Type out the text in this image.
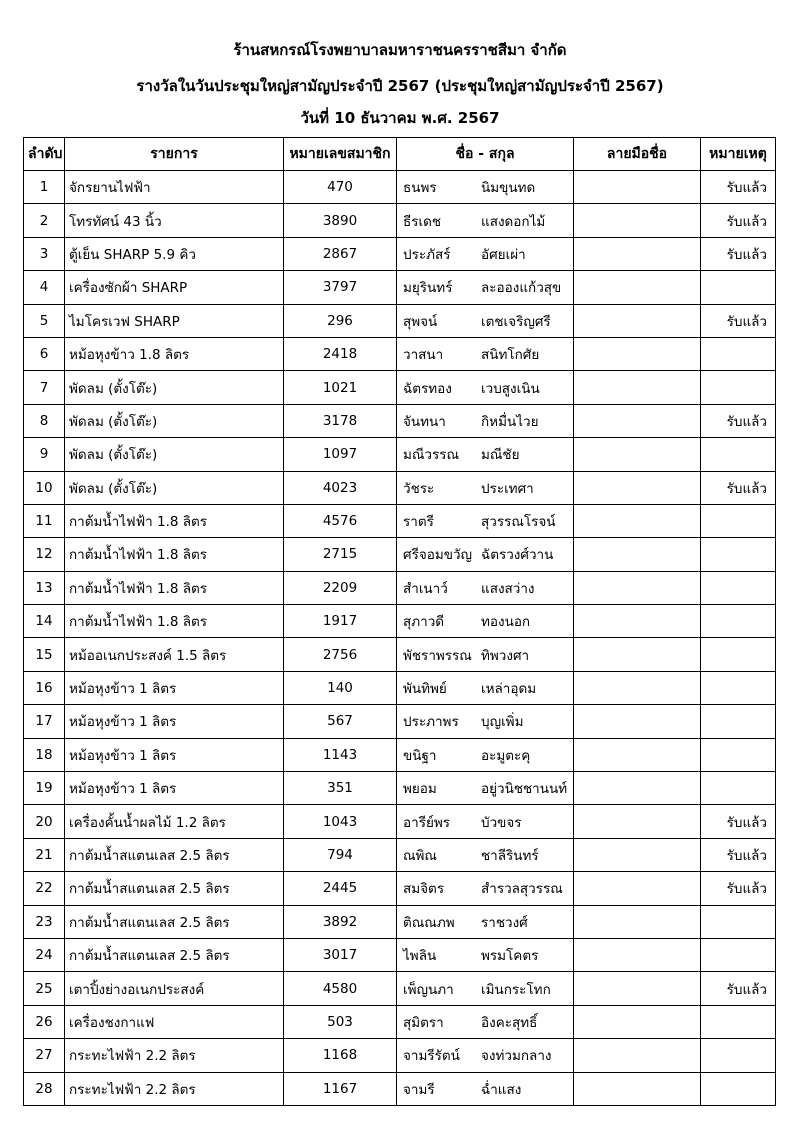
ร้านสหกรณ์โรงพยาบาลมหาราชนครราชสีมา จำกัด
รางวัลในวันประชุมใหญ่สามัญประจำปี 2567 (ประชุมใหญ่สามัญประจำปี 2567)
วันที่ 10 ธันวาคม พ.ศ. 2567
ลำดับ	รายการ	หมายเลขสมาชิก	ชื่อ - สกุล	ลายมือชื่อ	หมายเหตุ
1	จักรยานไฟฟ้า	470	ธนพร นิมขุนทด		รับแล้ว
2	โทรทัศน์ 43 นิ้ว	3890	ธีรเดช แสงดอกไม้		รับแล้ว
3	ตู้เย็น SHARP 5.9 คิว	2867	ประภัสร์ อัศยเผ่า		รับแล้ว
4	เครื่องซักผ้า SHARP	3797	มยุรินทร์ ละอองแก้วสุข		
5	ไมโครเวฟ SHARP	296	สุพจน์ เตชเจริญศรี		รับแล้ว
6	หม้อหุงข้าว 1.8 ลิตร	2418	วาสนา สนิทโกศัย		
7	พัดลม (ตั้งโต๊ะ)	1021	ฉัตรทอง เวบสูงเนิน		
8	พัดลม (ตั้งโต๊ะ)	3178	จันทนา กิหมื่นไวย		รับแล้ว
9	พัดลม (ตั้งโต๊ะ)	1097	มณีวรรณ มณีชัย		
10	พัดลม (ตั้งโต๊ะ)	4023	วัชระ ประเทศา		รับแล้ว
11	กาต้มน้ำไฟฟ้า 1.8 ลิตร	4576	ราตรี สุวรรณโรจน์		
12	กาต้มน้ำไฟฟ้า 1.8 ลิตร	2715	ศรีจอมขวัญ ฉัตรวงศ์วาน		
13	กาต้มน้ำไฟฟ้า 1.8 ลิตร	2209	สำเนาว์ แสงสว่าง		
14	กาต้มน้ำไฟฟ้า 1.8 ลิตร	1917	สุภาวดี ทองนอก		
15	หม้ออเนกประสงค์ 1.5 ลิตร	2756	พัชราพรรณ ทิพวงศา		
16	หม้อหุงข้าว 1 ลิตร	140	พันทิพย์ เหล่าอุดม		
17	หม้อหุงข้าว 1 ลิตร	567	ประภาพร บุญเพิ่ม		
18	หม้อหุงข้าว 1 ลิตร	1143	ขนิฐา อะมูตะคุ		
19	หม้อหุงข้าว 1 ลิตร	351	พยอม อยู่วนิชชานนท์		
20	เครื่องคั้นน้ำผลไม้ 1.2 ลิตร	1043	อารีย์พร บัวขจร		รับแล้ว
21	กาต้มน้ำสแตนเลส 2.5 ลิตร	794	ณพิณ ชาลีรินทร์		รับแล้ว
22	กาต้มน้ำสแตนเลส 2.5 ลิตร	2445	สมจิตร สำรวลสุวรรณ		รับแล้ว
23	กาต้มน้ำสแตนเลส 2.5 ลิตร	3892	ติณณภพ ราชวงศ์		
24	กาต้มน้ำสแตนเลส 2.5 ลิตร	3017	ไพลิน พรมโคตร		
25	เตาปิ้งย่างอเนกประสงค์	4580	เพ็ญนภา เมินกระโทก		รับแล้ว
26	เครื่องชงกาแฟ	503	สุมิตรา อิงคะสุทธิ์		
27	กระทะไฟฟ้า 2.2 ลิตร	1168	จามรีรัตน์ จงท่วมกลาง		
28	กระทะไฟฟ้า 2.2 ลิตร	1167	จามรี ฉ่ำแสง		
